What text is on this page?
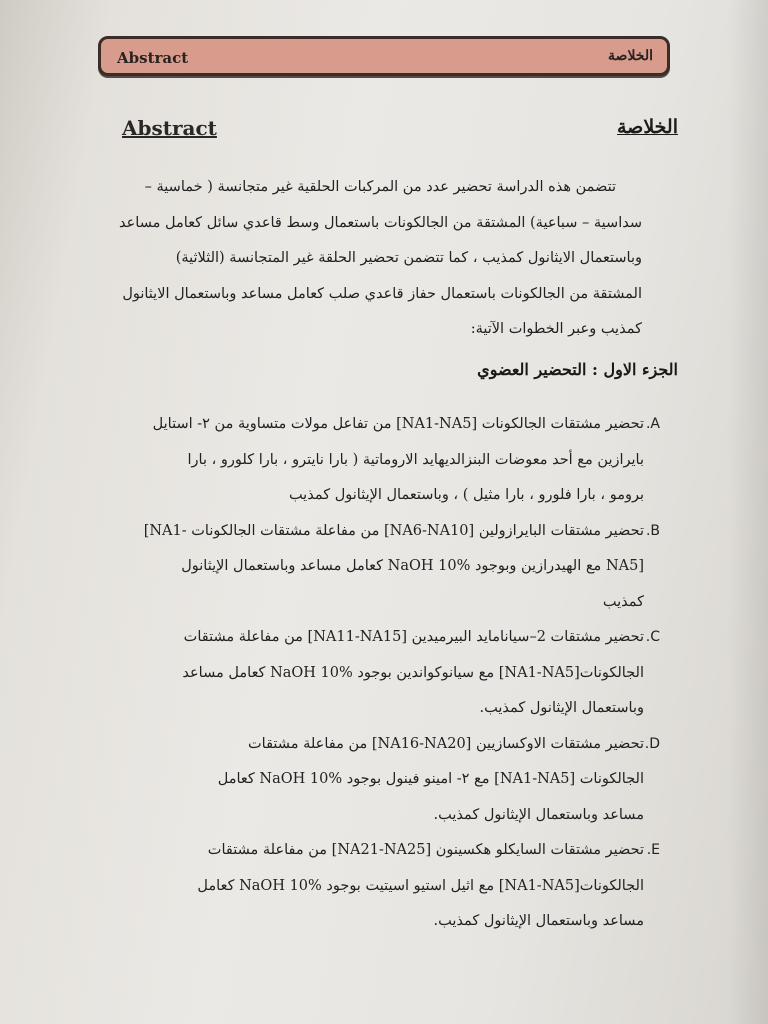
Abstract	الخلاصة
Abstract	الخلاصة
تتضمن هذه الدراسة تحضير عدد من المركبات الحلقية غير متجانسة ( خماسية –
سداسية – سباعية) المشتقة من الجالكونات باستعمال وسط قاعدي سائل كعامل مساعد
وباستعمال الايثانول كمذيب ، كما تتضمن تحضير الحلقة غير المتجانسة (الثلاثية)
المشتقة من الجالكونات باستعمال حفاز قاعدي صلب كعامل مساعد وباستعمال الايثانول
كمذيب وعبر الخطوات الآتية:
الجزء الاول : التحضير العضوي
A.
تحضير مشتقات الجالكونات [NA1-NA5] من تفاعل مولات متساوية من ٢- استايل
بايرازين مع أحد معوضات البنزالديهايد الاروماتية ( بارا نايترو ، بارا كلورو ، بارا
برومو ، بارا فلورو ، بارا مثيل ) ، وباستعمال الإيثانول كمذيب
B.
تحضير مشتقات البايرازولين [NA6-NA10] من مفاعلة مشتقات الجالكونات -NA1]
[NA5 مع الهيدرازين وبوجود NaOH 10% كعامل مساعد وباستعمال الإيثانول
كمذيب
C.
تحضير مشتقات 2–سيانامايد البيرميدين [NA11-NA15] من مفاعلة مشتقات
الجالكونات[NA1-NA5] مع سيانوكواندين بوجود NaOH 10% كعامل مساعد
وباستعمال الإيثانول كمذيب.
D.
تحضير مشتقات الاوكسازيين [NA16-NA20] من مفاعلة مشتقات
الجالكونات [NA1-NA5] مع ٢- امينو فينول بوجود NaOH 10% كعامل
مساعد وباستعمال الإيثانول كمذيب.
E.
تحضير مشتقات السايكلو هكسينون [NA21-NA25] من مفاعلة مشتقات
الجالكونات[NA1-NA5] مع اثيل استيو اسيتيت بوجود NaOH 10% كعامل
مساعد وباستعمال الإيثانول كمذيب.
